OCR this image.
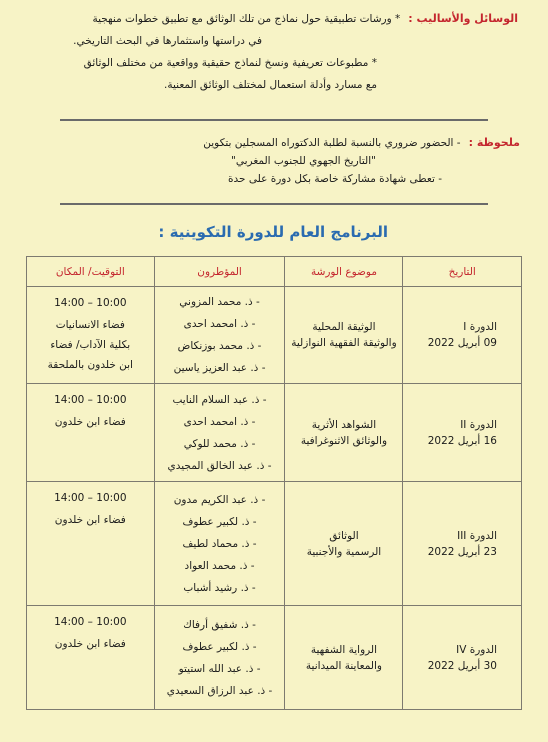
الوسائل والأساليب :
* ورشات تطبيقية حول نماذج من تلك الوثائق مع تطبيق خطوات منهجية
في دراستها واستثمارها في البحث التاريخي.
* مطبوعات تعريفية ونسخ لنماذج حقيقية وواقعية من مختلف الوثائق
مع مسارد وأدلة استعمال لمختلف الوثائق المعنية.
ملحوظة :
- الحضور ضروري بالنسبة لطلبة الدكتوراه المسجلين بتكوين
"التاريخ الجهوي للجنوب المغربي"
- تعطى شهادة مشاركة خاصة بكل دورة على حدة
البرنامج العام للدورة التكوينية :
التاريخ	موضوع الورشة	المؤطرون	التوقيت/ المكان

الدورة I
09 أبريل 2022	الوثيقة المحلية
والوثيقة الفقهية النوازلية	- ذ. محمد المزوني
- ذ. امحمد احدى
- ذ. محمد بوزنكاض
- ذ. عبد العزيز ياسين	10:00 – 14:00
فضاء الانسانيات
بكلية الآداب/ فضاء
ابن خلدون بالملحقة

الدورة II
16 أبريل 2022	الشواهد الأثرية
والوثائق الاثنوغرافية	- ذ. عبد السلام النايب
- ذ. امحمد احدى
- ذ. محمد للوكي
- ذ. عبد الخالق المجيدي	10:00 – 14:00
فضاء ابن خلدون

الدورة III
23 أبريل 2022	الوثائق
الرسمية والأجنبية	- ذ. عبد الكريم مدون
- ذ. لكبير عطوف
- ذ. محماد لطيف
- ذ. محمد العواد
- ذ. رشيد أشباب	10:00 – 14:00
فضاء ابن خلدون

الدورة IV
30 أبريل 2022	الرواية الشفهية
والمعاينة الميدانية	- ذ. شفيق أرفاك
- ذ. لكبير عطوف
- ذ. عبد الله استيتو
- ذ. عبد الرزاق السعيدي	10:00 – 14:00
فضاء ابن خلدون
